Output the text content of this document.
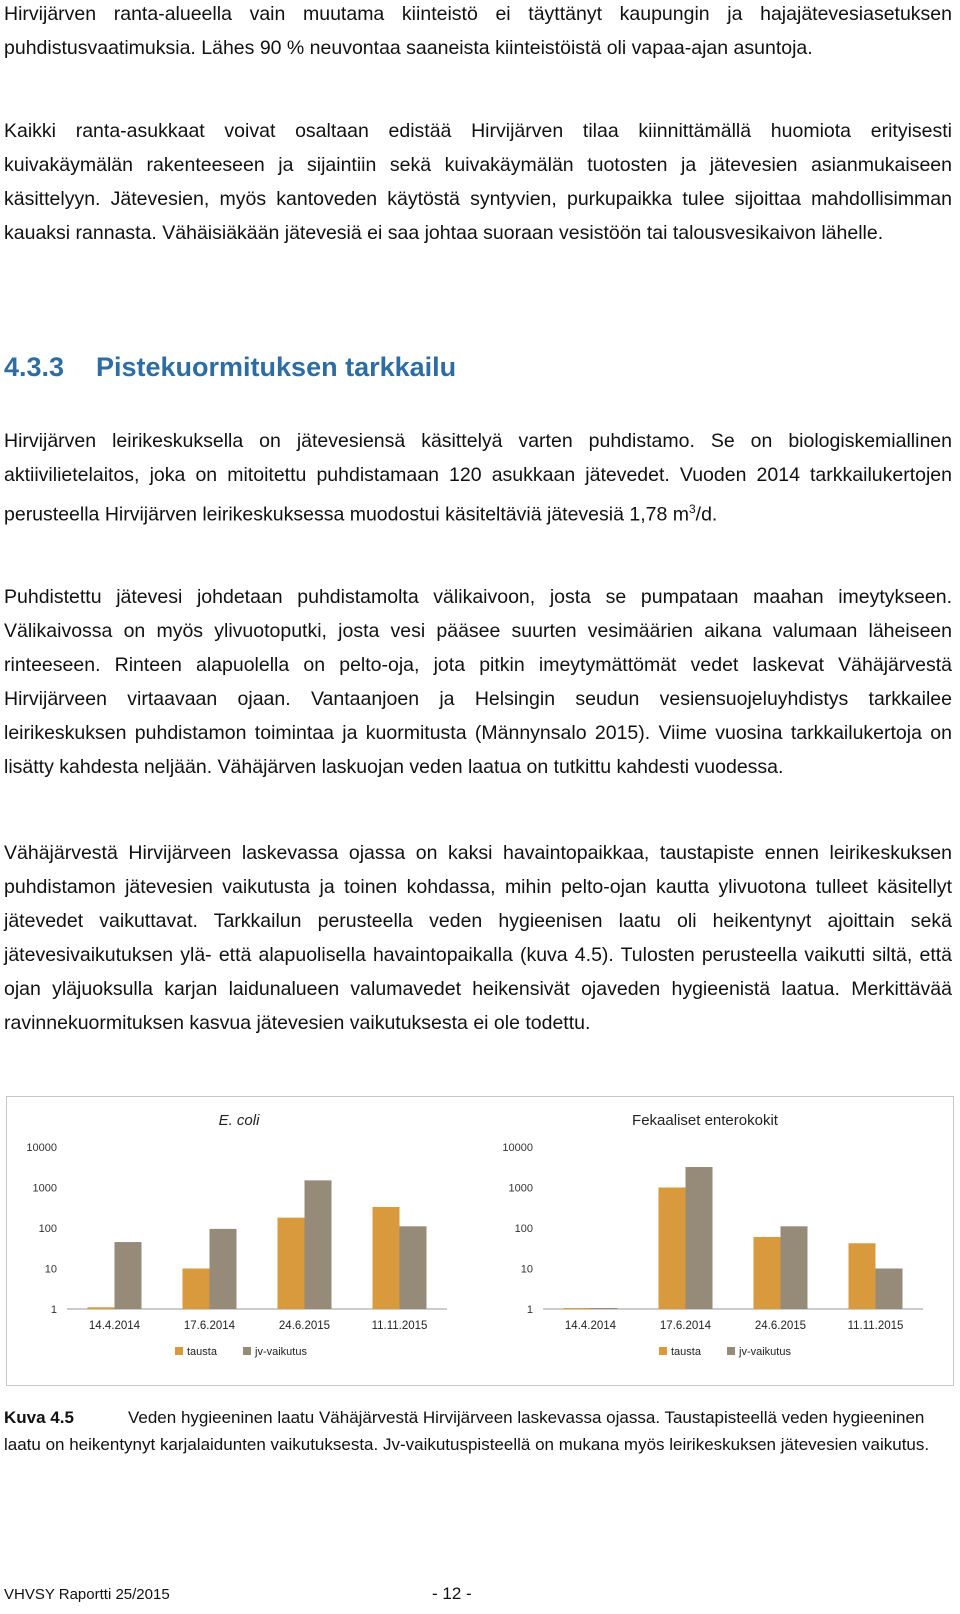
Hirvijärven ranta-alueella vain muutama kiinteistö ei täyttänyt kaupungin ja hajajätevesiasetuksen puhdistusvaatimuksia. Lähes 90 % neuvontaa saaneista kiinteistöistä oli vapaa-ajan asuntoja.

Kaikki ranta-asukkaat voivat osaltaan edistää Hirvijärven tilaa kiinnittämällä huomiota erityisesti kuivakäymälän rakenteeseen ja sijaintiin sekä kuivakäymälän tuotosten ja jätevesien asianmukaiseen käsittelyyn. Jätevesien, myös kantoveden käytöstä syntyvien, purkupaikka tulee sijoittaa mahdollisimman kauaksi rannasta. Vähäisiäkään jätevesiä ei saa johtaa suoraan vesistöön tai talousvesikaivon lähelle.

4.3.3 Pistekuormituksen tarkkailu

Hirvijärven leirikeskuksella on jätevesiensä käsittelyä varten puhdistamo. Se on biologiskemiallinen aktiivilietelaitos, joka on mitoitettu puhdistamaan 120 asukkaan jätevedet. Vuoden 2014 tarkkailukertojen perusteella Hirvijärven leirikeskuksessa muodostui käsiteltäviä jätevesiä 1,78 $m^3/d$.

Puhdistettu jätevesi johdetaan puhdistamolta välikaivoon, josta se pumpataan maahan imeytykseen. Välikaivossa on myös ylivuotoputki, josta vesi pääsee suurten vesimäärien aikana valumaan läheiseen rinteeseen. Rinteen alapuolella on pelto-oja, jota pitkin imeytymättömät vedet laskevat Vähäjärvestä Hirvijärveen virtaavaan ojaan. Vantaanjoen ja Helsingin seudun vesiensuojeluyhdistys tarkkailee leirikeskuksen puhdistamon toimintaa ja kuormitusta (Männynsalo 2015). Viime vuosina tarkkailukertoja on lisätty kahdesta neljään. Vähäjärven laskuojan veden laatua on tutkittu kahdesti vuodessa.

Vähäjärvestä Hirvijärveen laskevassa ojassa on kaksi havaintopaikkaa, taustapiste ennen leirikeskuksen puhdistamon jätevesien vaikutusta ja toinen kohdassa, mihin pelto-ojan kautta ylivuotona tulleet käsitellyt jätevedet vaikuttavat. Tarkkailun perusteella veden hygieenisen laatu oli heikentynyt ajoittain sekä jätevesivaikutuksen ylä- että alapuolisella havaintopaikalla (kuva 4.5). Tulosten perusteella vaikutti siltä, että ojan yläjuoksulla karjan laidunalueen valumavedet heikensivät ojaveden hygieenistä laatua. Merkittävää ravinnekuormituksen kasvua jätevesien vaikutuksesta ei ole todettu.

E. coli
1
10
100
1000
10000
14.4.2014	17.6.2014	24.6.2015	11.11.2015
tausta	jv-vaikutus
Fekaaliset enterokokit
1
10
100
1000
10000
14.4.2014	17.6.2014	24.6.2015	11.11.2015
tausta	jv-vaikutus

Kuva 4.5	Veden hygieeninen laatu Vähäjärvestä Hirvijärveen laskevassa ojassa. Taustapisteellä veden hygieeninen laatu on heikentynyt karjalaidunten vaikutuksesta. Jv-vaikutuspisteellä on mukana myös leirikeskuksen jätevesien vaikutus.

VHVSY Raportti 25/2015	- 12 -
